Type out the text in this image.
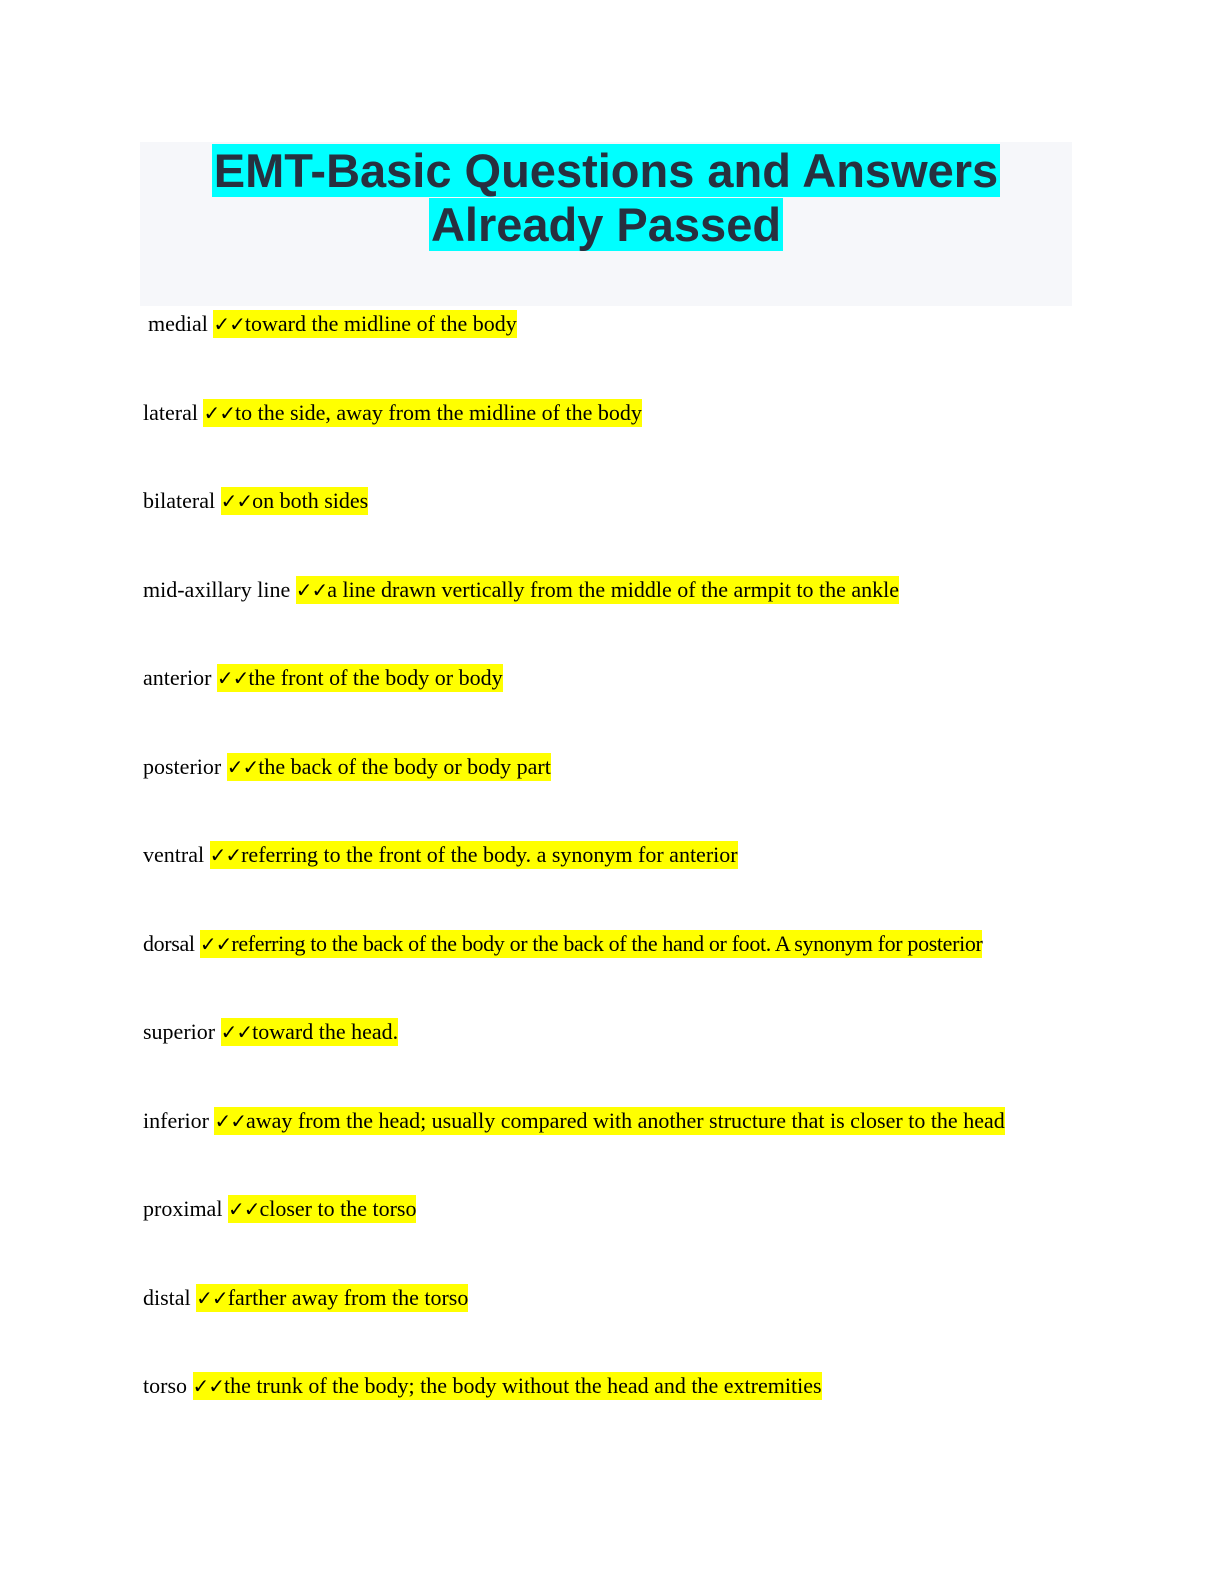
EMT-Basic Questions and Answers

Already Passed

medial ✓✓toward the midline of the body
lateral ✓✓to the side, away from the midline of the body
bilateral ✓✓on both sides
mid-axillary line ✓✓a line drawn vertically from the middle of the armpit to the ankle
anterior ✓✓the front of the body or body
posterior ✓✓the back of the body or body part
ventral ✓✓referring to the front of the body. a synonym for anterior
dorsal ✓✓referring to the back of the body or the back of the hand or foot. A synonym for posterior
superior ✓✓toward the head.
inferior ✓✓away from the head; usually compared with another structure that is closer to the head
proximal ✓✓closer to the torso
distal ✓✓farther away from the torso
torso ✓✓the trunk of the body; the body without the head and the extremities
